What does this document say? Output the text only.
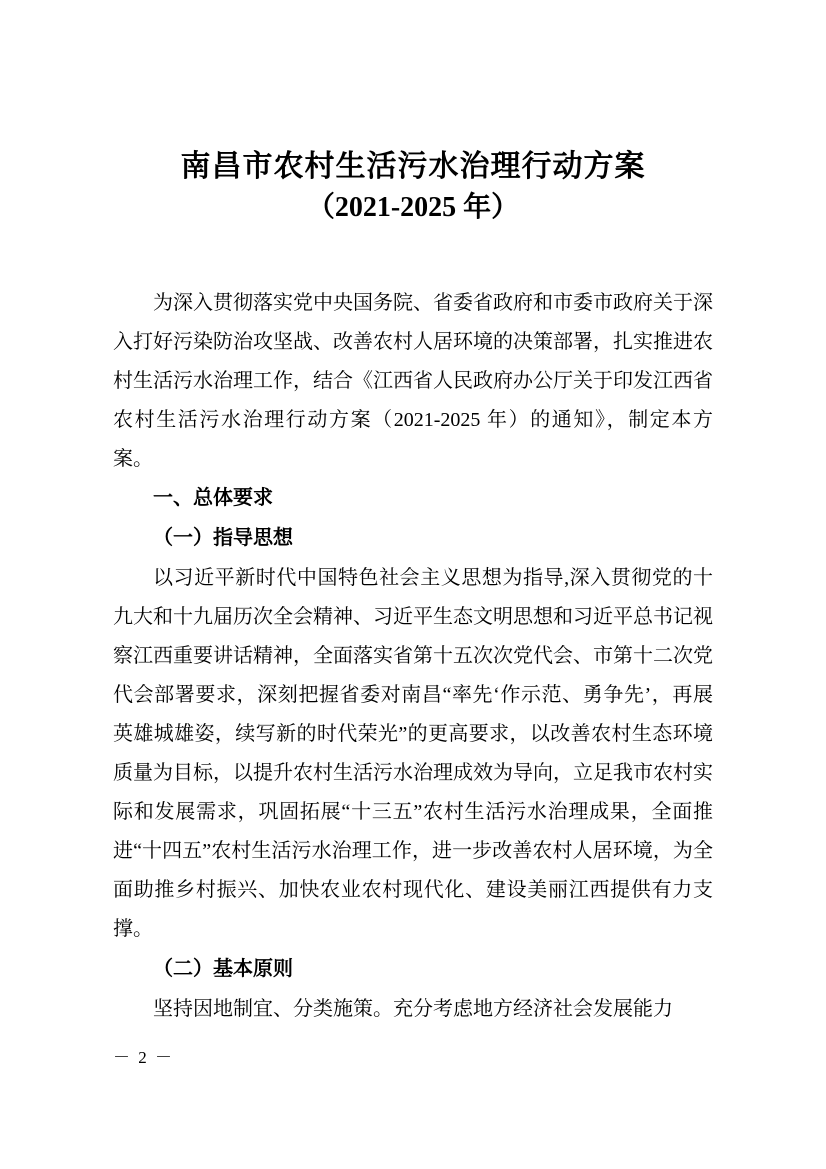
南昌市农村生活污水治理行动方案
（2021-2025 年）

为深入贯彻落实党中央国务院、省委省政府和市委市政府关于深入打好污染防治攻坚战、改善农村人居环境的决策部署，扎实推进农村生活污水治理工作，结合《江西省人民政府办公厅关于印发江西省农村生活污水治理行动方案（2021-2025 年）的通知》，制定本方案。

一、总体要求
（一）指导思想

以习近平新时代中国特色社会主义思想为指导,深入贯彻党的十九大和十九届历次全会精神、习近平生态文明思想和习近平总书记视察江西重要讲话精神，全面落实省第十五次次党代会、市第十二次党代会部署要求，深刻把握省委对南昌“率先‘作示范、勇争先’，再展英雄城雄姿，续写新的时代荣光”的更高要求，以改善农村生态环境质量为目标，以提升农村生活污水治理成效为导向，立足我市农村实际和发展需求，巩固拓展“十三五”农村生活污水治理成果，全面推进“十四五”农村生活污水治理工作，进一步改善农村人居环境，为全面助推乡村振兴、加快农业农村现代化、建设美丽江西提供有力支撑。

（二）基本原则

坚持因地制宜、分类施策。充分考虑地方经济社会发展能力

－ 2 －
